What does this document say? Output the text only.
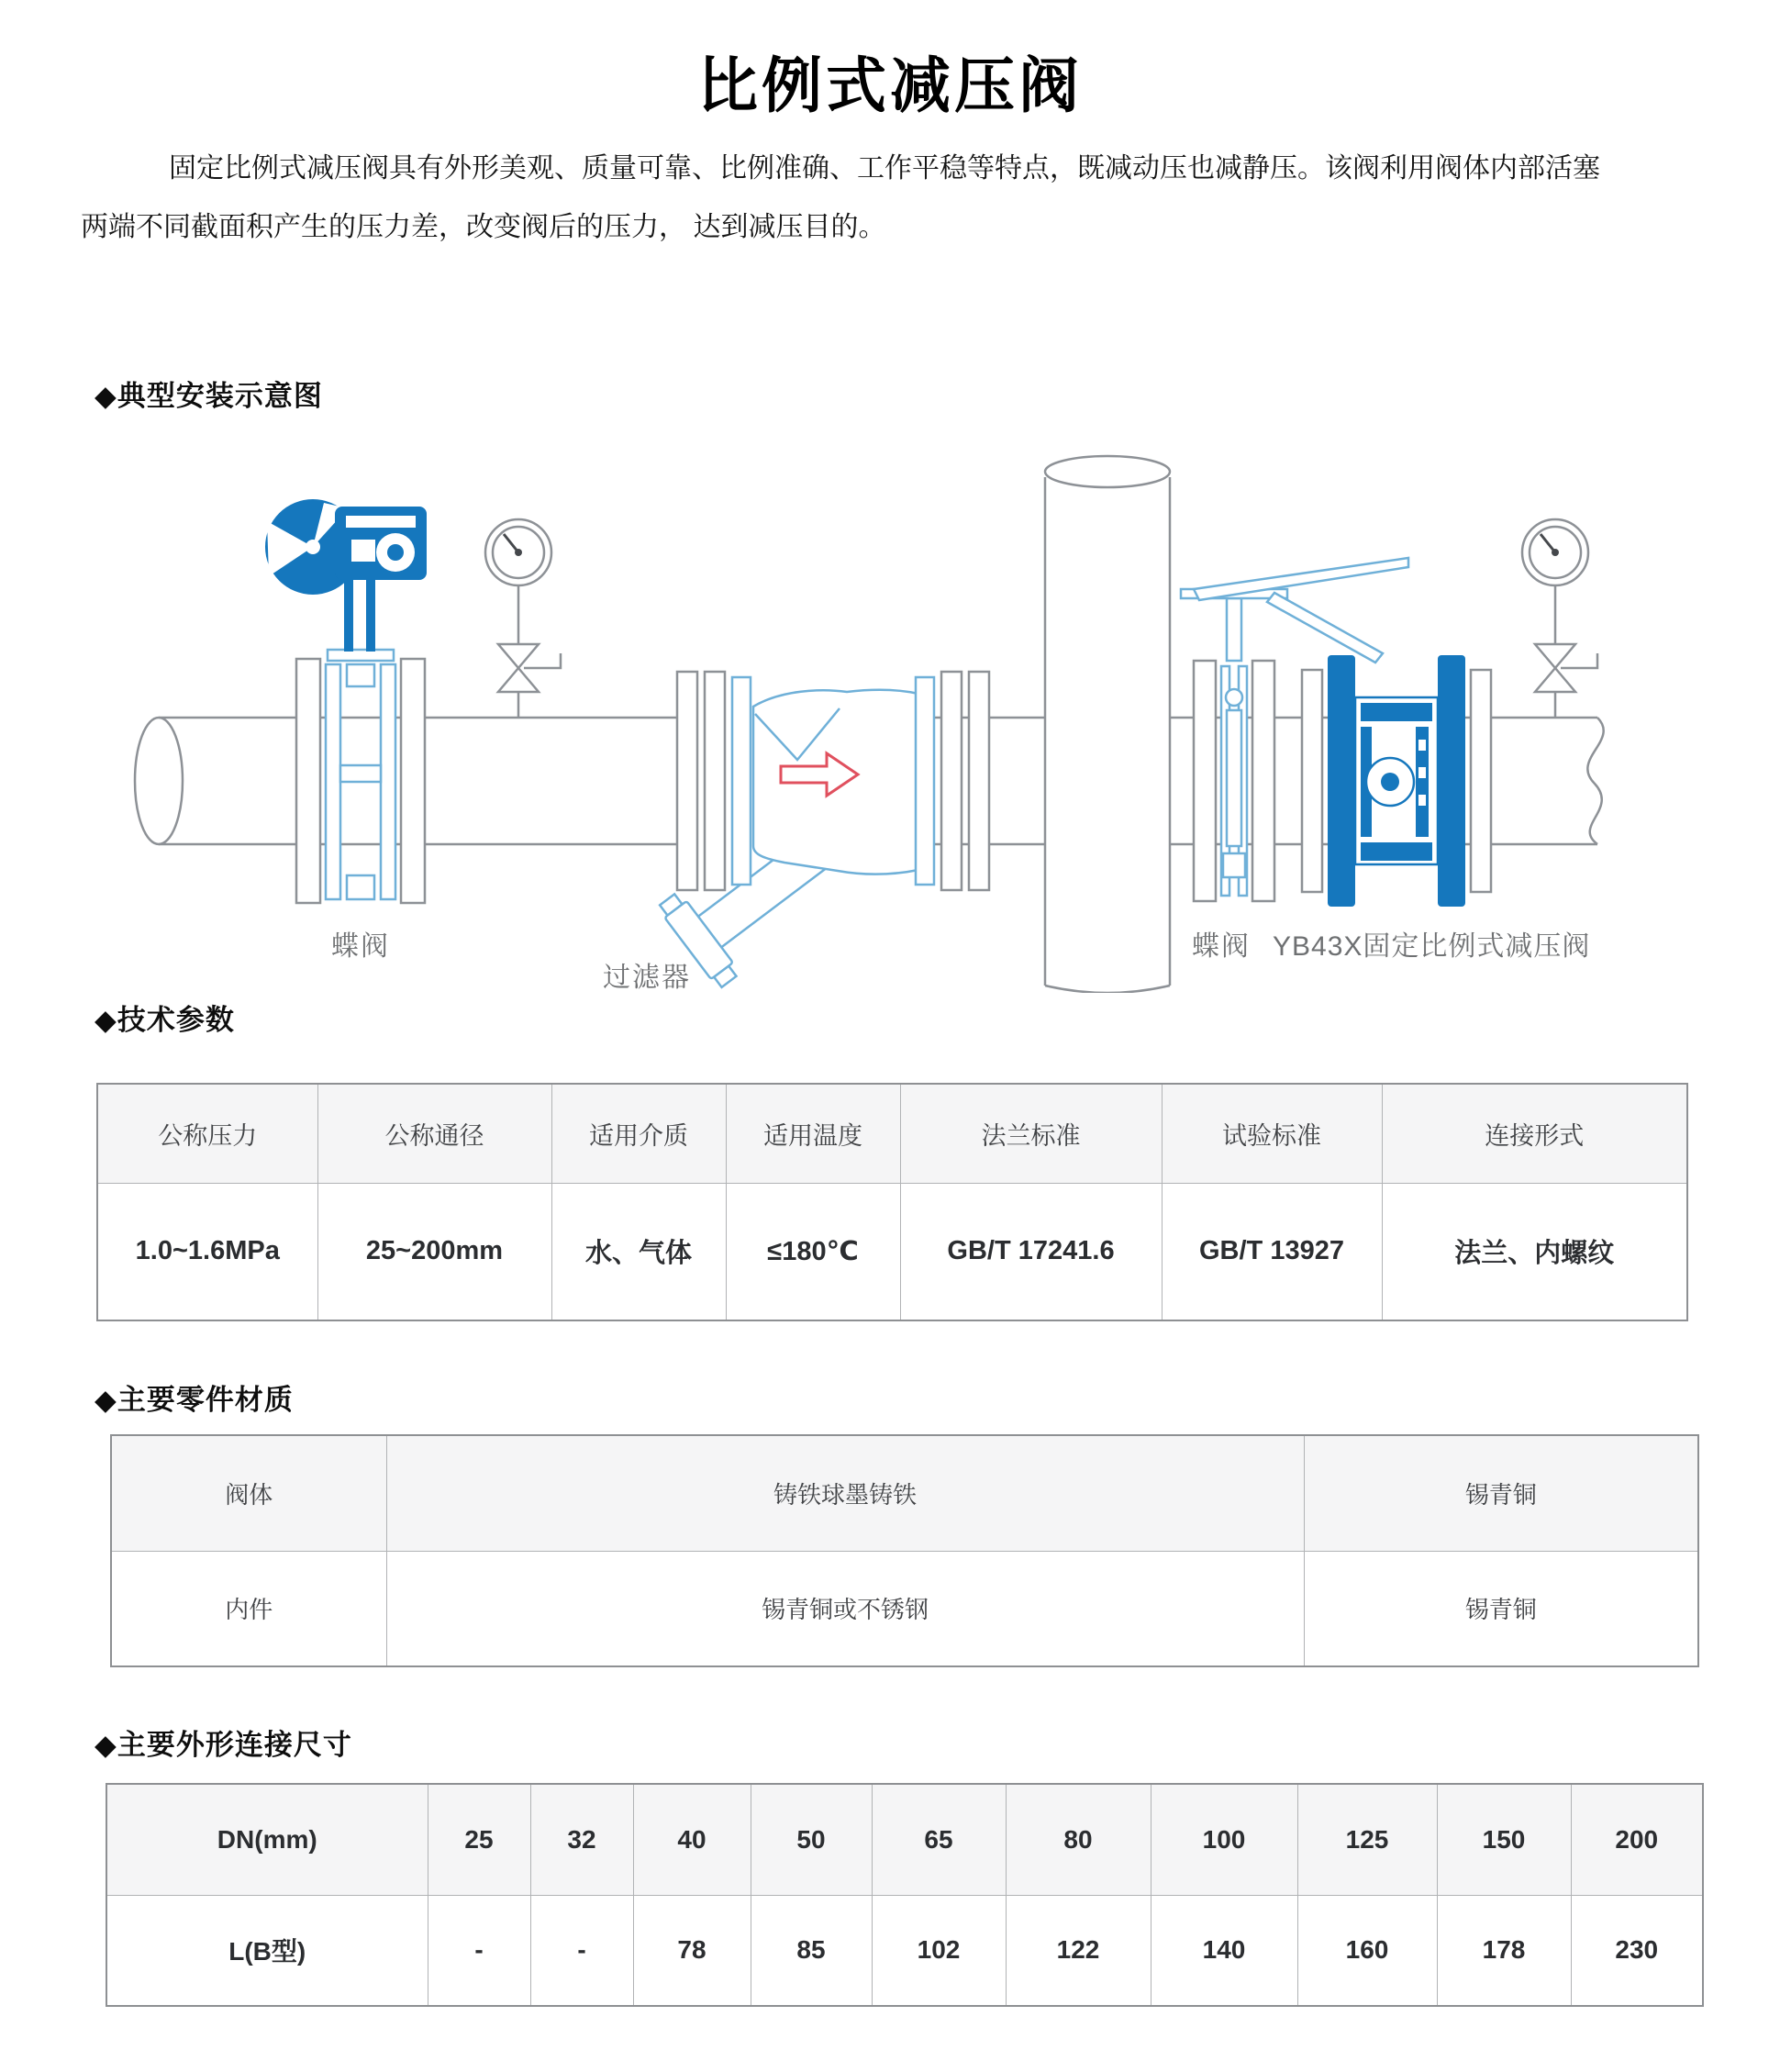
比例式减压阀
固定比例式减压阀具有外形美观、质量可靠、比例准确、工作平稳等特点，既减动压也减静压。该阀利用阀体内部活塞
两端不同截面积产生的压力差，改变阀后的压力， 达到减压目的。
◆典型安装示意图
蝶阀
过滤器
蝶阀 YB43X固定比例式减压阀
◆技术参数
公称压力	公称通径	适用介质	适用温度	法兰标准	试验标准	连接形式
1.0~1.6MPa	25~200mm	水、气体	≤180℃	GB/T 17241.6	GB/T 13927	法兰、内螺纹
◆主要零件材质
阀体	铸铁球墨铸铁	锡青铜
内件	锡青铜或不锈钢	锡青铜
◆主要外形连接尺寸
DN(mm)	25	32	40	50	65	80	100	125	150	200
L(B型)	-	-	78	85	102	122	140	160	178	230
